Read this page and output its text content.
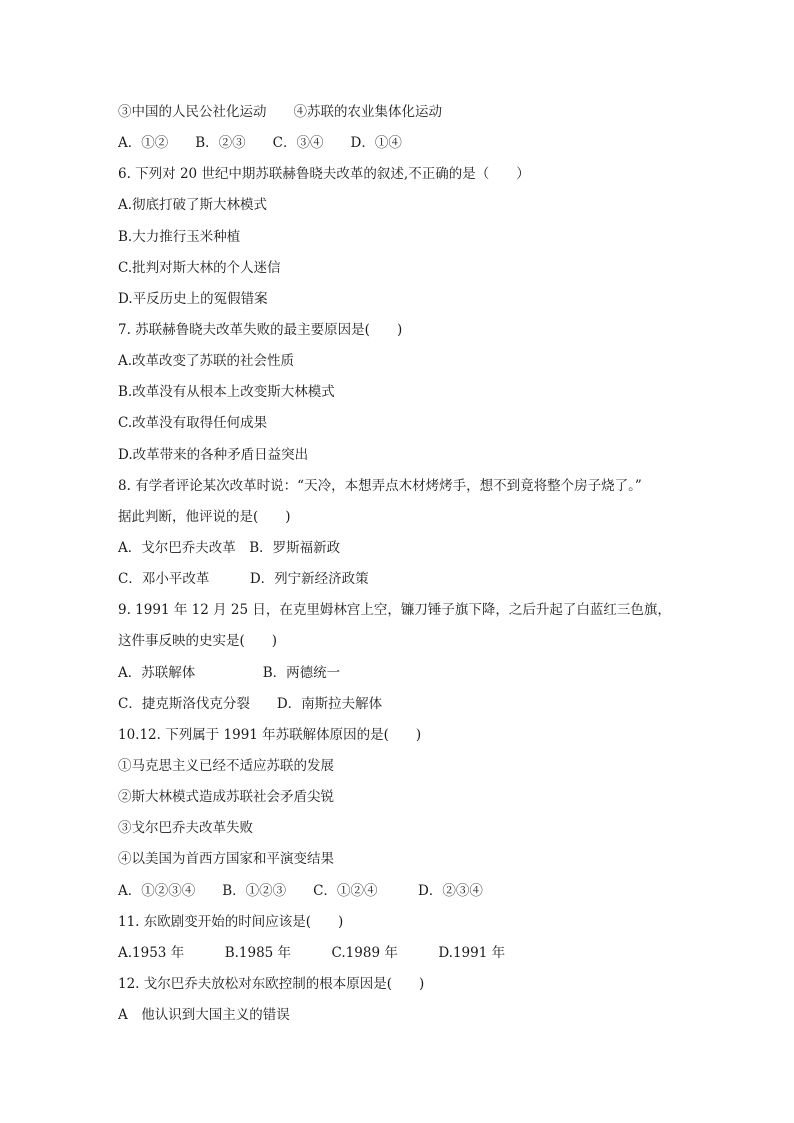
③中国的人民公社化运动　　④苏联的农业集体化运动
A．①②　　B．②③　　C．③④　　D．①④
6. 下列对 20 世纪中期苏联赫鲁晓夫改革的叙述,不正确的是（　　）
A.彻底打破了斯大林模式
B.大力推行玉米种植
C.批判对斯大林的个人迷信
D.平反历史上的冤假错案
7. 苏联赫鲁晓夫改革失败的最主要原因是(　　)
A.改革改变了苏联的社会性质
B.改革没有从根本上改变斯大林模式
C.改革没有取得任何成果
D.改革带来的各种矛盾日益突出
8. 有学者评论某次改革时说：“天冷，本想弄点木材烤烤手，想不到竟将整个房子烧了。”
据此判断，他评说的是(　　)
A．戈尔巴乔夫改革　B．罗斯福新政
C．邓小平改革　　　D．列宁新经济政策
9. 1991 年 12 月 25 日，在克里姆林宫上空，镰刀锤子旗下降，之后升起了白蓝红三色旗，
这件事反映的史实是(　　)
A．苏联解体　　　　　B．两德统一
C．捷克斯洛伐克分裂　　D．南斯拉夫解体
10.12. 下列属于 1991 年苏联解体原因的是(　　)
①马克思主义已经不适应苏联的发展
②斯大林模式造成苏联社会矛盾尖锐
③戈尔巴乔夫改革失败
④以美国为首西方国家和平演变结果
A．①②③④　　B．①②③　　C．①②④　　　D．②③④
11. 东欧剧变开始的时间应该是(　　)
A.1953 年　　　B.1985 年　　　C.1989 年　　　D.1991 年
12. 戈尔巴乔夫放松对东欧控制的根本原因是(　　)
A　他认识到大国主义的错误
